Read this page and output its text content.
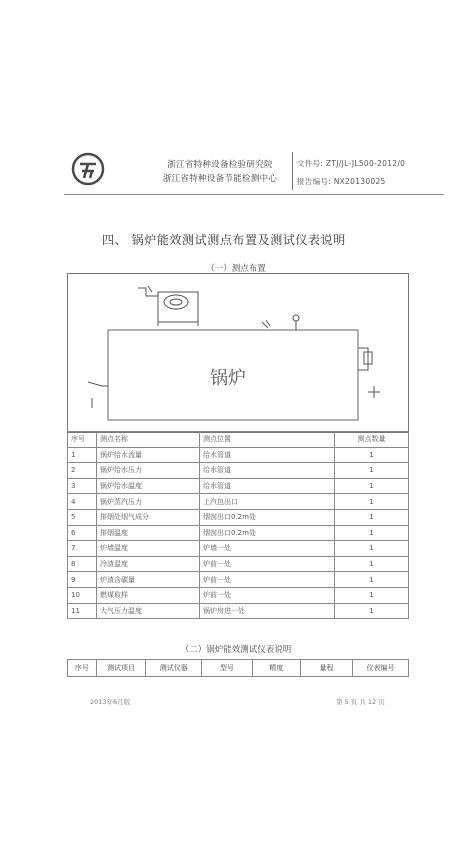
浙江省特种设备检验研究院
浙江省特种设备节能检测中心
文件号: ZTJ/JL-JL500-2012/0
报告编号: NX20130025
四、 锅炉能效测试测点布置及测试仪表说明
（一）测点布置
锅炉
序号	测点名称	测点位置	测点数量
1	锅炉给水流量	给水管道	1
2	锅炉给水压力	给水管道	1
3	锅炉给水温度	给水管道	1
4	锅炉蒸汽压力	上汽包出口	1
5	排烟处烟气成分	烟囱出口0.2m处	1
6	排烟温度	烟囱出口0.2m处	1
7	炉墙温度	炉墙一处	1
8	冷渣温度	炉前一处	1
9	炉渣含碳量	炉前一处	1
10	燃煤取样	炉前一处	1
11	大气压力温度	锅炉房进一处	1
（二）锅炉能效测试仪表说明
序号	测试项目	测试仪器	型号	精度	量程	仪表编号
2013年6月版	第 5 页 共 12 页
